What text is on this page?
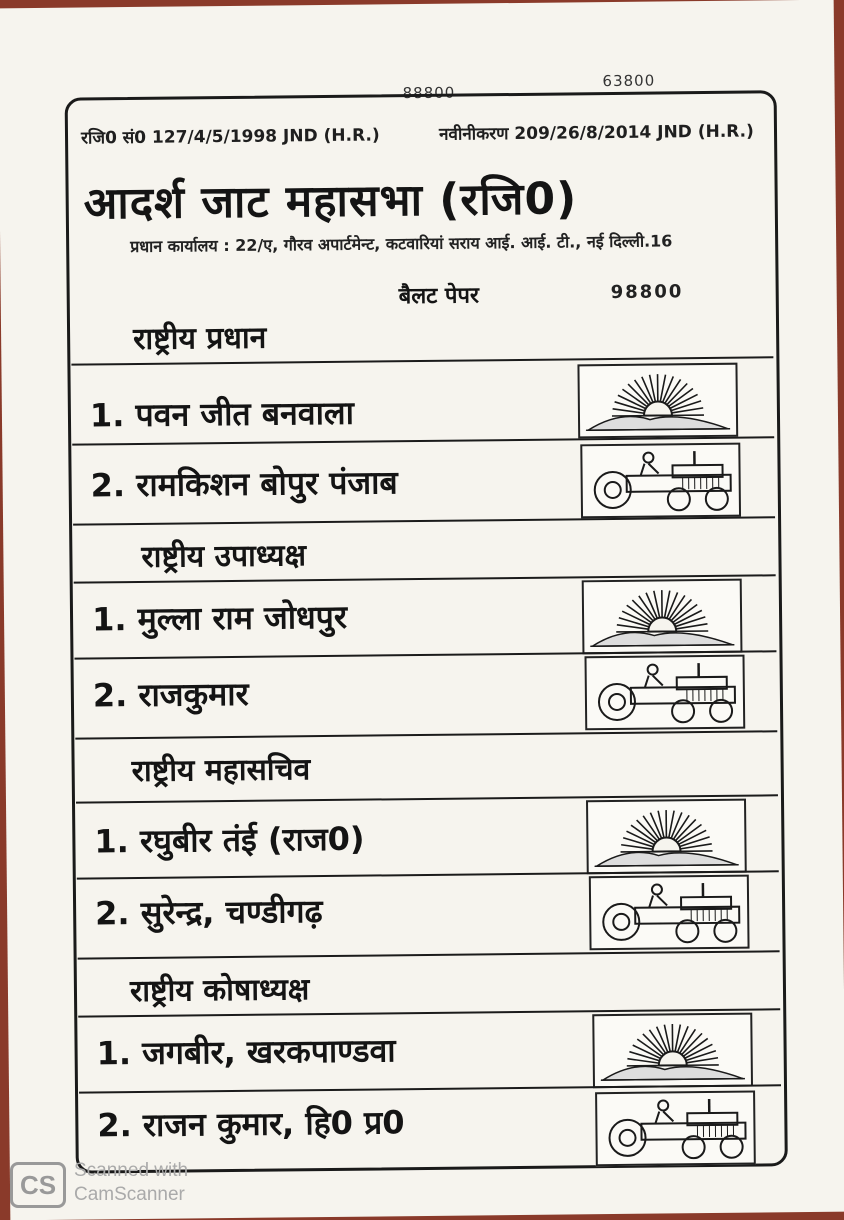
88800
63800
रजि0 सं0 127/4/5/1998 JND (H.R.)	नवीनीकरण 209/26/8/2014 JND (H.R.)
आदर्श जाट महासभा (रजि0)
प्रधान कार्यालय : 22/ए, गौरव अपार्टमेन्ट, कटवारियां सराय आई. आई. टी., नई दिल्ली.16
बैलट पेपर	98800
राष्ट्रीय प्रधान
1. पवन जीत बनवाला
2. रामकिशन बोपुर पंजाब
राष्ट्रीय उपाध्यक्ष
1. मुल्ला राम जोधपुर
2. राजकुमार
राष्ट्रीय महासचिव
1. रघुबीर तंई (राज0)
2. सुरेन्द्र, चण्डीगढ़
राष्ट्रीय कोषाध्यक्ष
1. जगबीर, खरकपाण्डवा
2. राजन कुमार, हि0 प्र0
CS Scanned with
CamScanner
